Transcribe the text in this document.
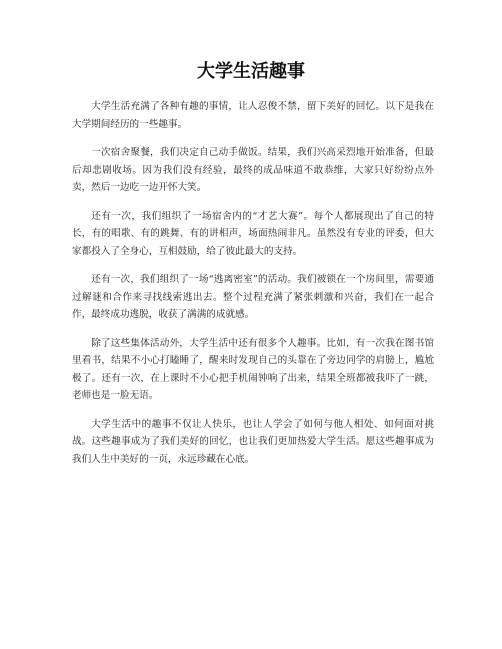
大学生活趣事

大学生活充满了各种有趣的事情，让人忍俊不禁，留下美好的回忆。以下是我在大学期间经历的一些趣事。

一次宿舍聚餐，我们决定自己动手做饭。结果，我们兴高采烈地开始准备，但最后却悲剧收场。因为我们没有经验，最终的成品味道不敢恭维，大家只好纷纷点外卖，然后一边吃一边开怀大笑。

还有一次，我们组织了一场宿舍内的“才艺大赛”。每个人都展现出了自己的特长，有的唱歌、有的跳舞、有的讲相声，场面热闹非凡。虽然没有专业的评委，但大家都投入了全身心，互相鼓励，给了彼此最大的支持。

还有一次，我们组织了一场“逃离密室”的活动。我们被锁在一个房间里，需要通过解谜和合作来寻找线索逃出去。整个过程充满了紧张刺激和兴奋，我们在一起合作，最终成功逃脱，收获了满满的成就感。

除了这些集体活动外，大学生活中还有很多个人趣事。比如，有一次我在图书馆里看书，结果不小心打瞌睡了，醒来时发现自己的头靠在了旁边同学的肩膀上，尴尬极了。还有一次，在上课时不小心把手机闹钟响了出来，结果全班都被我吓了一跳，老师也是一脸无语。

大学生活中的趣事不仅让人快乐，也让人学会了如何与他人相处、如何面对挑战。这些趣事成为了我们美好的回忆，也让我们更加热爱大学生活。愿这些趣事成为我们人生中美好的一页，永远珍藏在心底。
